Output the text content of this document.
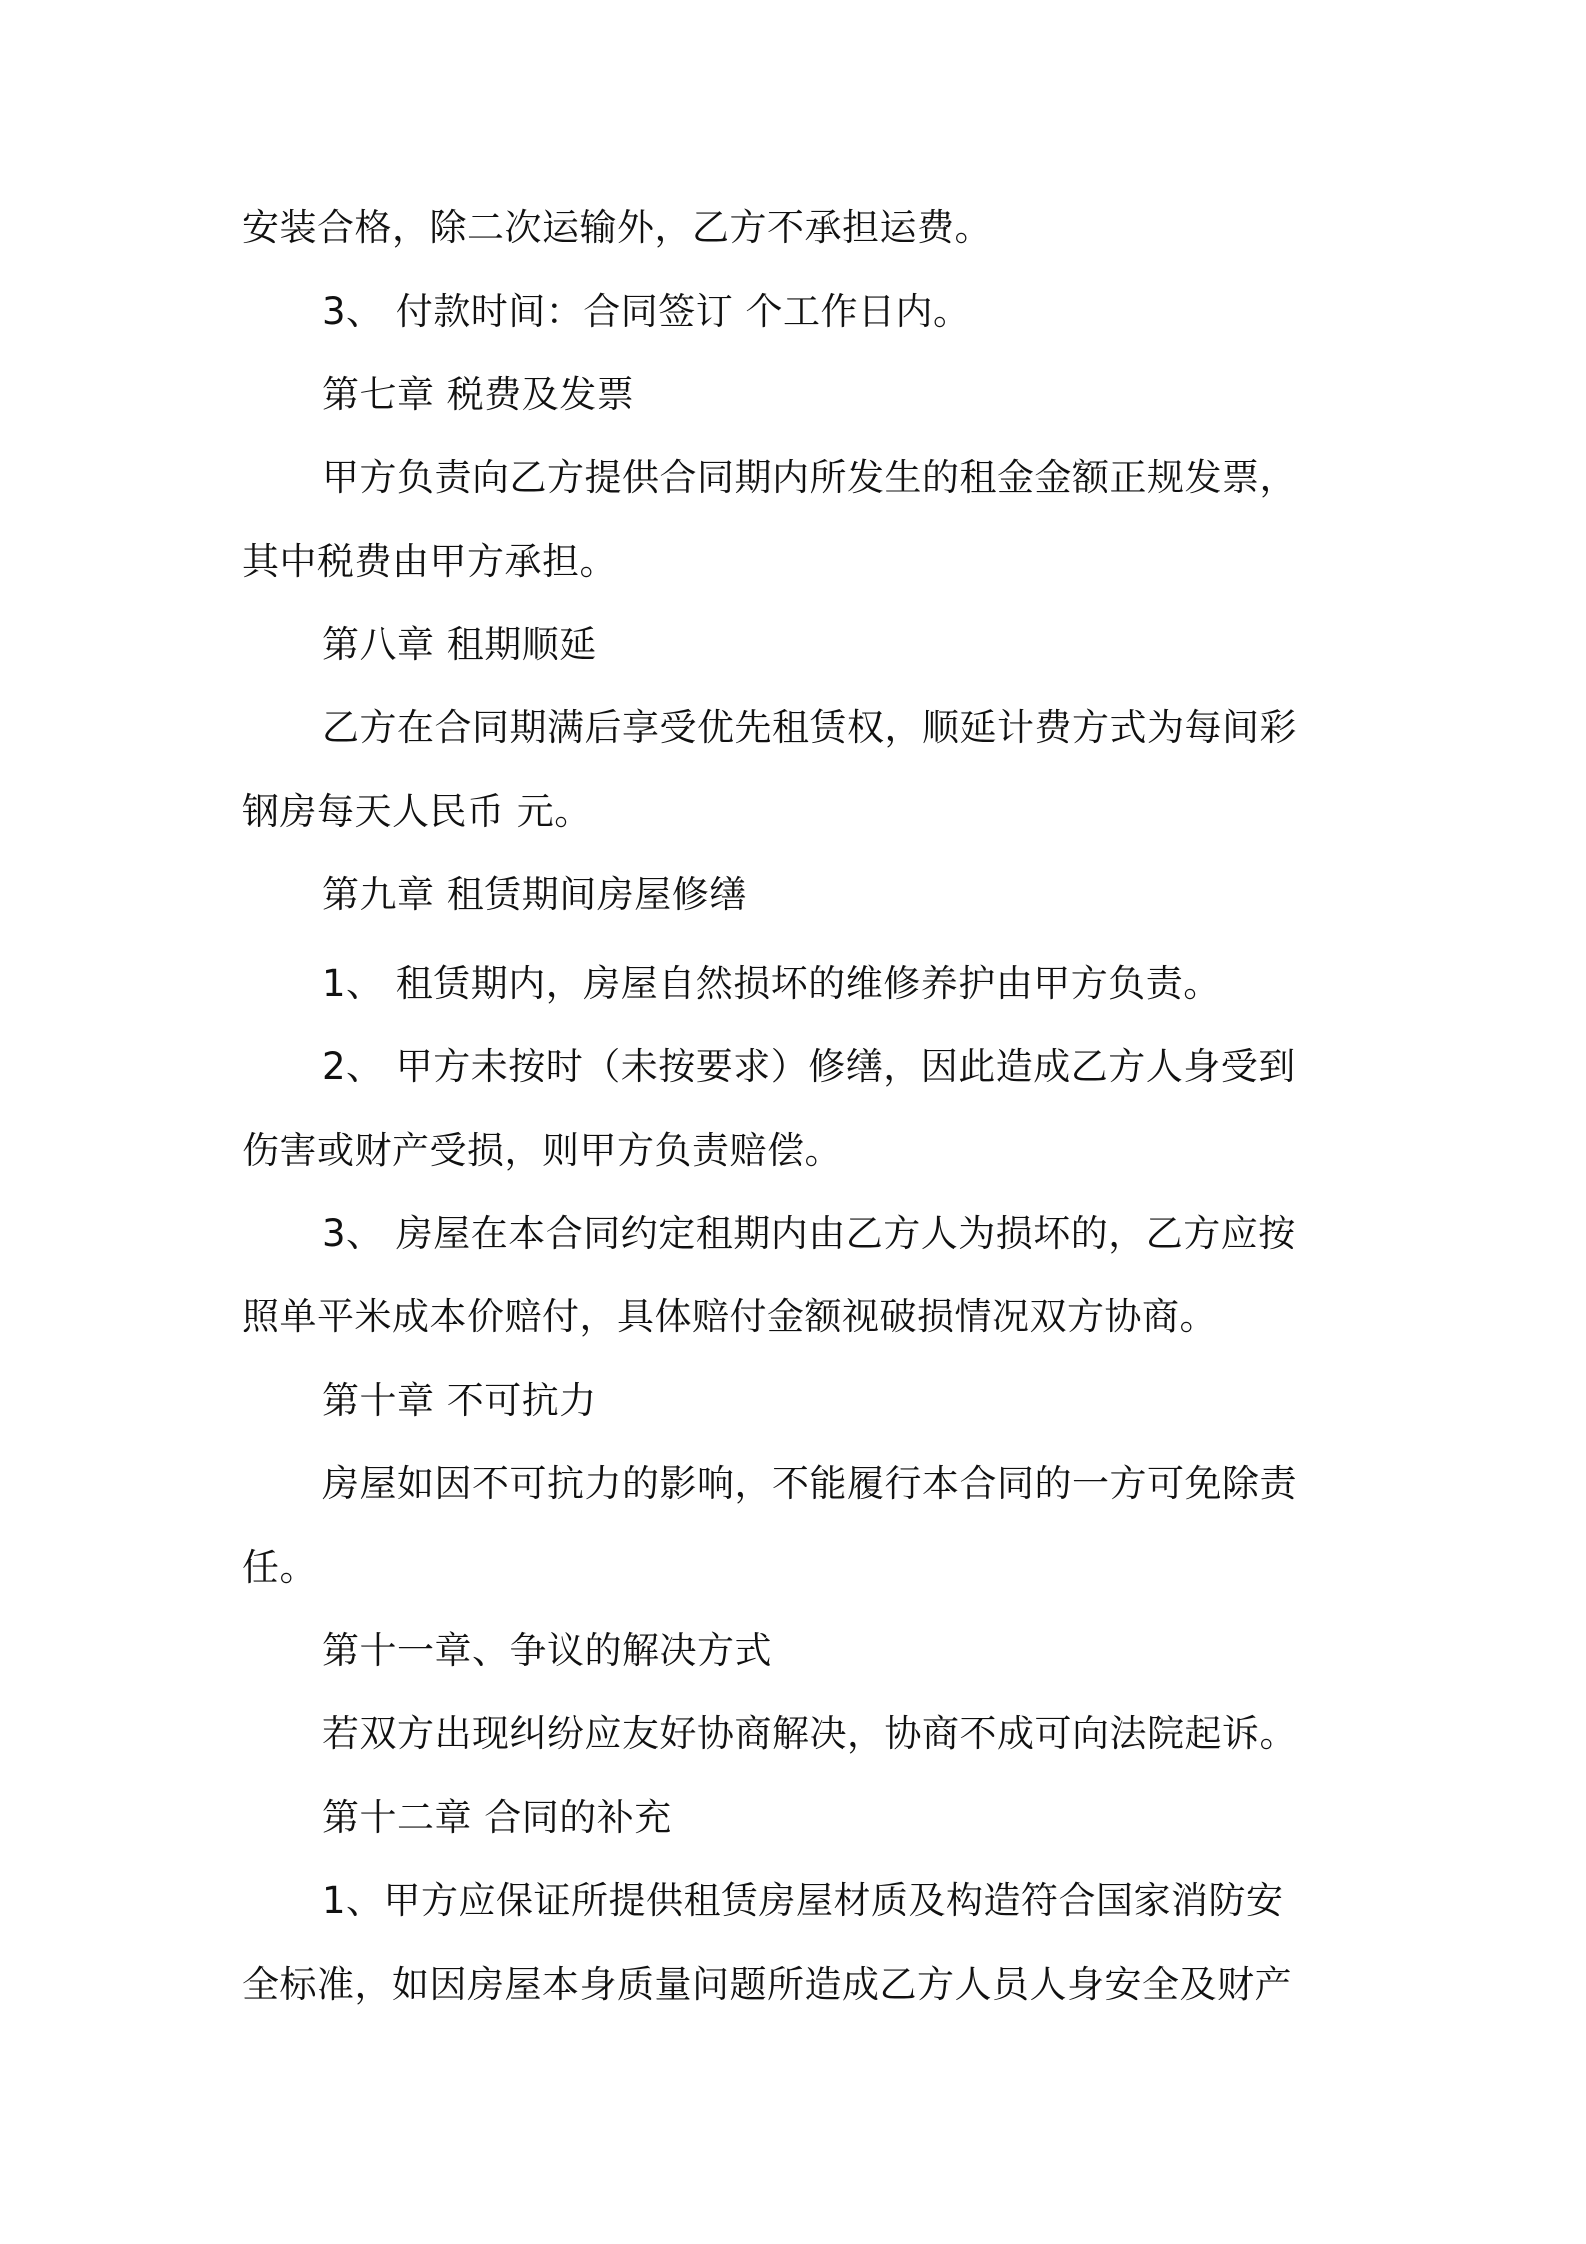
安装合格，除二次运输外，乙方不承担运费。
3、 付款时间：合同签订 个工作日内。
第七章 税费及发票
甲方负责向乙方提供合同期内所发生的租金金额正规发票，
其中税费由甲方承担。
第八章 租期顺延
乙方在合同期满后享受优先租赁权，顺延计费方式为每间彩
钢房每天人民币 元。
第九章 租赁期间房屋修缮
1、 租赁期内，房屋自然损坏的维修养护由甲方负责。
2、 甲方未按时（未按要求）修缮，因此造成乙方人身受到
伤害或财产受损，则甲方负责赔偿。
3、 房屋在本合同约定租期内由乙方人为损坏的，乙方应按
照单平米成本价赔付，具体赔付金额视破损情况双方协商。
第十章 不可抗力
房屋如因不可抗力的影响，不能履行本合同的一方可免除责
任。
第十一章、争议的解决方式
若双方出现纠纷应友好协商解决，协商不成可向法院起诉。
第十二章 合同的补充
1、甲方应保证所提供租赁房屋材质及构造符合国家消防安
全标准，如因房屋本身质量问题所造成乙方人员人身安全及财产
